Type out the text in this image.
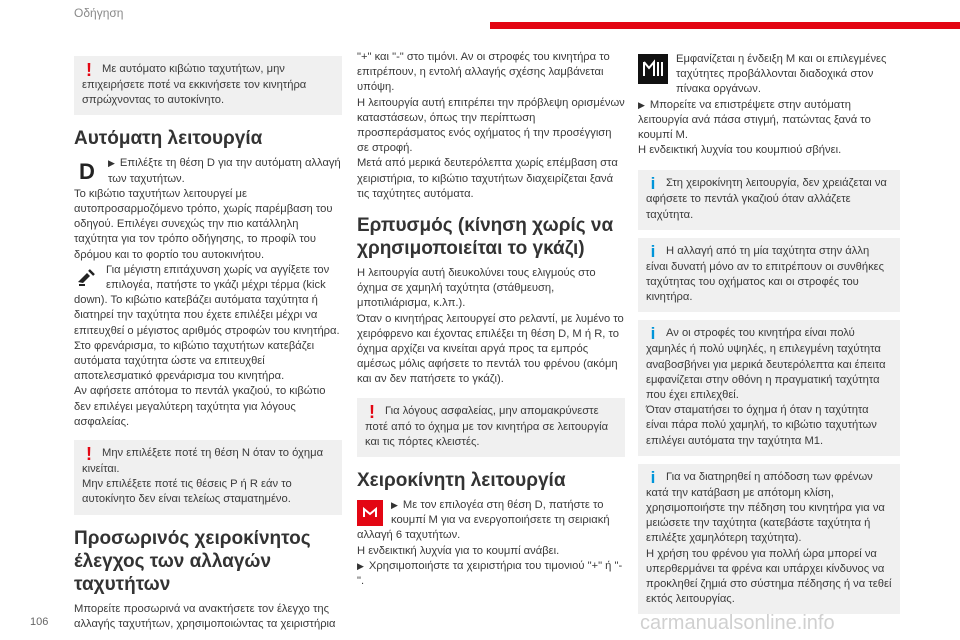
Οδήγηση
! Με αυτόματο κιβώτιο ταχυτήτων, μην επιχειρήσετε ποτέ να εκκινήσετε τον κινητήρα σπρώχνοντας το αυτοκίνητο.
Αυτόματη λειτουργία
D	▶ Επιλέξτε τη θέση D για την αυτόματη αλλαγή των ταχυτήτων.

Το κιβώτιο ταχυτήτων λειτουργεί με αυτοπροσαρμοζόμενο τρόπο, χωρίς παρέμβαση του οδηγού. Επιλέγει συνεχώς την πιο κατάλληλη ταχύτητα για τον τρόπο οδήγησης, το προφίλ του δρόμου και το φορτίο του αυτοκινήτου.

Για μέγιστη επιτάχυνση χωρίς να αγγίξετε τον επιλογέα, πατήστε το γκάζι μέχρι τέρμα (kick down). Το κιβώτιο κατεβάζει αυτόματα ταχύτητα ή διατηρεί την ταχύτητα που έχετε επιλέξει μέχρι να επιτευχθεί ο μέγιστος αριθμός στροφών του κινητήρα.

Στο φρενάρισμα, το κιβώτιο ταχυτήτων κατεβάζει αυτόματα ταχύτητα ώστε να επιτευχθεί αποτελεσματικό φρενάρισμα του κινητήρα.

Αν αφήσετε απότομα το πεντάλ γκαζιού, το κιβώτιο δεν επιλέγει μεγαλύτερη ταχύτητα για λόγους ασφαλείας.

! Μην επιλέξετε ποτέ τη θέση N όταν το όχημα κινείται.

Μην επιλέξετε ποτέ τις θέσεις P ή R εάν το αυτοκίνητο δεν είναι τελείως σταματημένο.

Προσωρινός χειροκίνητος έλεγχος των αλλαγών ταχυτήτων

Μπορείτε προσωρινά να ανακτήσετε τον έλεγχο της αλλαγής ταχυτήτων, χρησιμοποιώντας τα χειριστήρια

"+" και "-" στο τιμόνι. Αν οι στροφές του κινητήρα το επιτρέπουν, η εντολή αλλαγής σχέσης λαμβάνεται υπόψη.

Η λειτουργία αυτή επιτρέπει την πρόβλεψη ορισμένων καταστάσεων, όπως την περίπτωση προσπεράσματος ενός οχήματος ή την προσέγγιση σε στροφή.

Μετά από μερικά δευτερόλεπτα χωρίς επέμβαση στα χειριστήρια, το κιβώτιο ταχυτήτων διαχειρίζεται ξανά τις ταχύτητες αυτόματα.

Ερπυσμός (κίνηση χωρίς να χρησιμοποιείται το γκάζι)

Η λειτουργία αυτή διευκολύνει τους ελιγμούς στο όχημα σε χαμηλή ταχύτητα (στάθμευση, μποτιλιάρισμα, κ.λπ.).

Όταν ο κινητήρας λειτουργεί στο ρελαντί, με λυμένο το χειρόφρενο και έχοντας επιλέξει τη θέση D, M ή R, το όχημα αρχίζει να κινείται αργά προς τα εμπρός αμέσως μόλις αφήσετε το πεντάλ του φρένου (ακόμη και αν δεν πατήσετε το γκάζι).

! Για λόγους ασφαλείας, μην απομακρύνεστε ποτέ από το όχημα με τον κινητήρα σε λειτουργία και τις πόρτες κλειστές.
Χειροκίνητη λειτουργία

▶ Με τον επιλογέα στη θέση D, πατήστε το κουμπί M για να ενεργοποιήσετε τη σειριακή αλλαγή 6 ταχυτήτων.

Η ενδεικτική λυχνία για το κουμπί ανάβει.

▶ Χρησιμοποιήστε τα χειριστήρια του τιμονιού "+" ή "-".

Εμφανίζεται η ένδειξη M και οι επιλεγμένες ταχύτητες προβάλλονται διαδοχικά στον πίνακα οργάνων.

▶ Μπορείτε να επιστρέψετε στην αυτόματη λειτουργία ανά πάσα στιγμή, πατώντας ξανά το κουμπί M.

Η ενδεικτική λυχνία του κουμπιού σβήνει.

i Στη χειροκίνητη λειτουργία, δεν χρειάζεται να αφήσετε το πεντάλ γκαζιού όταν αλλάζετε ταχύτητα.
i Η αλλαγή από τη μία ταχύτητα στην άλλη είναι δυνατή μόνο αν το επιτρέπουν οι συνθήκες ταχύτητας του οχήματος και οι στροφές του κινητήρα.
i Αν οι στροφές του κινητήρα είναι πολύ χαμηλές ή πολύ υψηλές, η επιλεγμένη ταχύτητα αναβοσβήνει για μερικά δευτερόλεπτα και έπειτα εμφανίζεται στην οθόνη η πραγματική ταχύτητα που έχει επιλεχθεί.

Όταν σταματήσει το όχημα ή όταν η ταχύτητα είναι πάρα πολύ χαμηλή, το κιβώτιο ταχυτήτων επιλέγει αυτόματα την ταχύτητα M1.

i Για να διατηρηθεί η απόδοση των φρένων κατά την κατάβαση με απότομη κλίση, χρησιμοποιήστε την πέδηση του κινητήρα για να μειώσετε την ταχύτητα (κατεβάστε ταχύτητα ή επιλέξτε χαμηλότερη ταχύτητα).

Η χρήση του φρένου για πολλή ώρα μπορεί να υπερθερμάνει τα φρένα και υπάρχει κίνδυνος να προκληθεί ζημιά στο σύστημα πέδησης ή να τεθεί εκτός λειτουργίας.

106	carmanualsonline.info
